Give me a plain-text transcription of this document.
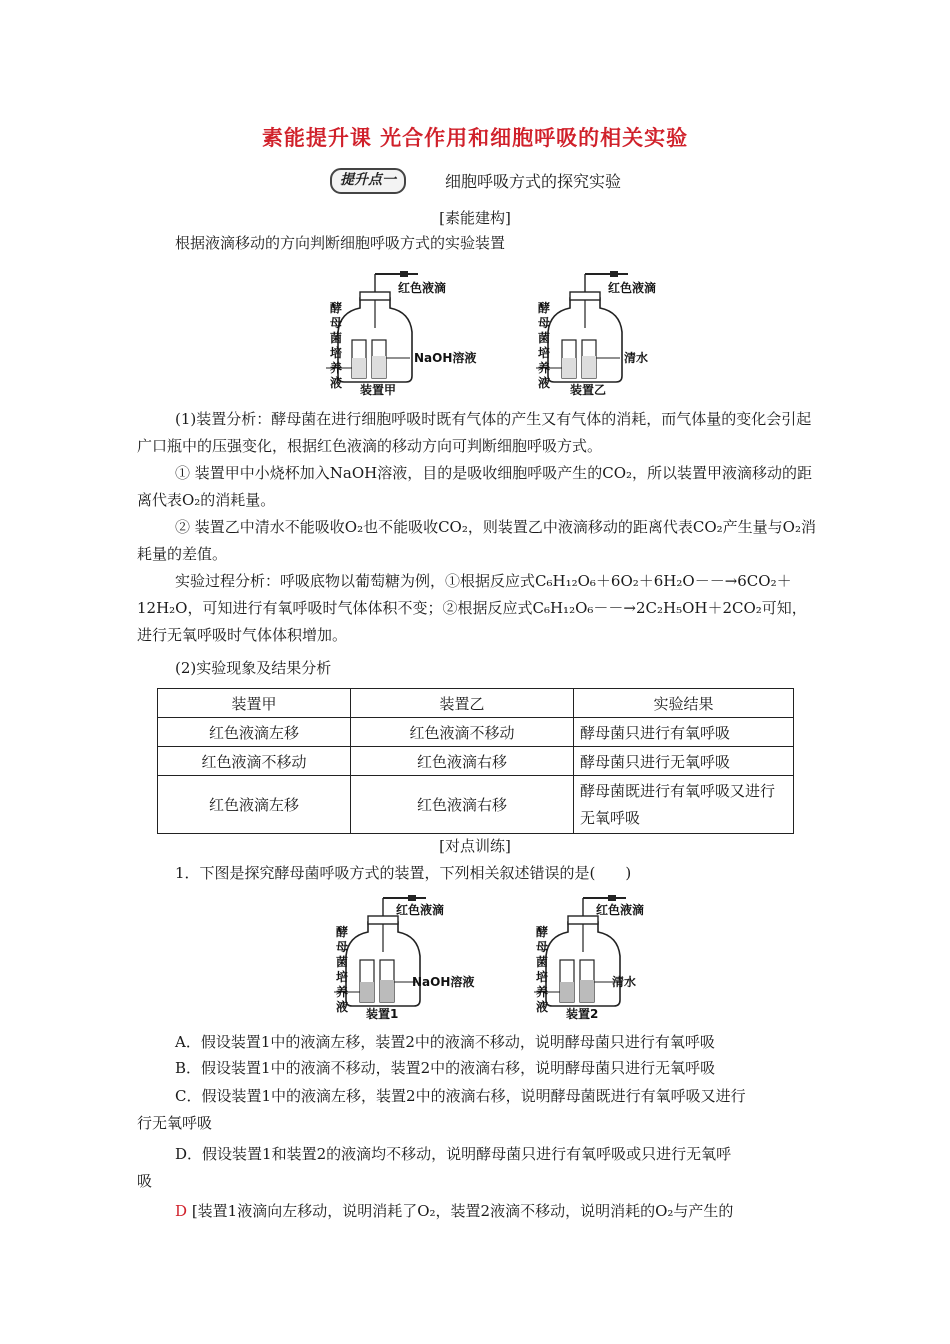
素能提升课 光合作用和细胞呼吸的相关实验
提升点一	细胞呼吸方式的探究实验
[素能建构]
根据液滴移动的方向判断细胞呼吸方式的实验装置
红色液滴
NaOH溶液
装置甲
酵
母
菌
培
养
液
红色液滴
清水
装置乙
酵
母
菌
培
养
液
(1)装置分析：酵母菌在进行细胞呼吸时既有气体的产生又有气体的消耗，而气体量的变化会引起广口瓶中的压强变化，根据红色液滴的移动方向可判断细胞呼吸方式。
① 装置甲中小烧杯加入NaOH溶液，目的是吸收细胞呼吸产生的CO₂，所以装置甲液滴移动的距离代表O₂的消耗量。
② 装置乙中清水不能吸收O₂也不能吸收CO₂，则装置乙中液滴移动的距离代表CO₂产生量与O₂消耗量的差值。
实验过程分析：呼吸底物以葡萄糖为例，①根据反应式C₆H₁₂O₆＋6O₂＋6H₂O－－→6CO₂＋
12H₂O，可知进行有氧呼吸时气体体积不变；②根据反应式C₆H₁₂O₆－－→2C₂H₅OH＋2CO₂可知，
进行无氧呼吸时气体体积增加。
(2)实验现象及结果分析
装置甲	装置乙	实验结果
红色液滴左移	红色液滴不移动	酵母菌只进行有氧呼吸
红色液滴不移动	红色液滴右移	酵母菌只进行无氧呼吸
红色液滴左移	红色液滴右移	酵母菌既进行有氧呼吸又进行无氧呼吸
[对点训练]
1．下图是探究酵母菌呼吸方式的装置，下列相关叙述错误的是(　　)
红色液滴
NaOH溶液
装置1
酵
母
菌
培
养
液
红色液滴
清水
装置2
酵
母
菌
培
养
液
A．假设装置1中的液滴左移，装置2中的液滴不移动，说明酵母菌只进行有氧呼吸
B．假设装置1中的液滴不移动，装置2中的液滴右移，说明酵母菌只进行无氧呼吸
C．假设装置1中的液滴左移，装置2中的液滴右移，说明酵母菌既进行有氧呼吸又进行
行无氧呼吸
D．假设装置1和装置2的液滴均不移动，说明酵母菌只进行有氧呼吸或只进行无氧呼
吸
D [装置1液滴向左移动，说明消耗了O₂，装置2液滴不移动，说明消耗的O₂与产生的
